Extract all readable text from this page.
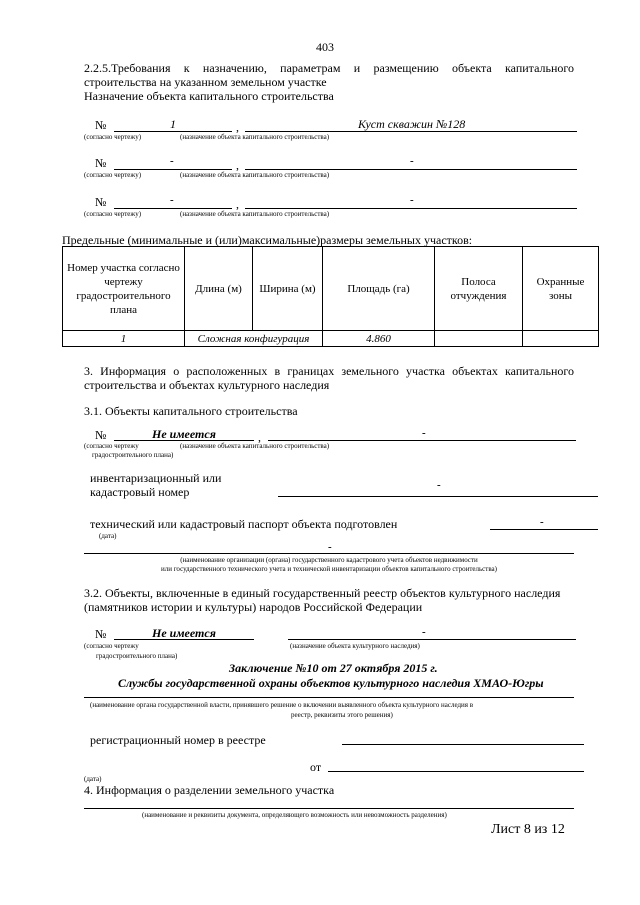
403
2.2.5.Требования к назначению, параметрам и размещению объекта капитального
строительства на указанном земельном участке
Назначение объекта капитального строительства
№	1	,	Куст скважин №128
(согласно чертежу)	(назначение объекта капитального строительства)
№	-	,	-
(согласно чертежу)	(назначение объекта капитального строительства)
№	-	,	-
(согласно чертежу)	(назначение объекта капитального строительства)
Предельные (минимальные и (или)максимальные)размеры земельных участков:
Номер участка согласно чертежу градостроительного плана	Длина (м)	Ширина (м)	Площадь (га)	Полоса отчуждения	Охранные зоны
1	Сложная конфигурация		4.860		
3. Информация о расположенных в границах земельного участка объектах капитального
строительства и объектах культурного наследия
3.1. Объекты капитального строительства
№	Не имеется	,	-
(согласно чертежу
градостроительного плана)
(назначение объекта капитального строительства)
инвентаризационный или
кадастровый номер	-
технический или кадастровый паспорт объекта подготовлен	-
(дата)
-
(наименование организации (органа) государственного кадастрового учета объектов недвижимости
или государственного технического учета и технической инвентаризации объектов капитального строительства)
3.2. Объекты, включенные в единый государственный реестр объектов культурного наследия
(памятников истории и культуры) народов Российской Федерации
№	Не имеется	-
(согласно чертежу
градостроительного плана)
(назначение объекта культурного наследия)
Заключение №10 от 27 октября 2015 г.
Службы государственной охраны объектов культурного наследия ХМАО-Югры
(наименование органа государственной власти, принявшего решение о включении выявленного объекта культурного наследия в
реестр, реквизиты этого решения)
регистрационный номер в реестре
от
(дата)
4. Информация о разделении земельного участка
(наименование и реквизиты документа, определяющего возможность или невозможность разделения)
Лист 8 из 12
